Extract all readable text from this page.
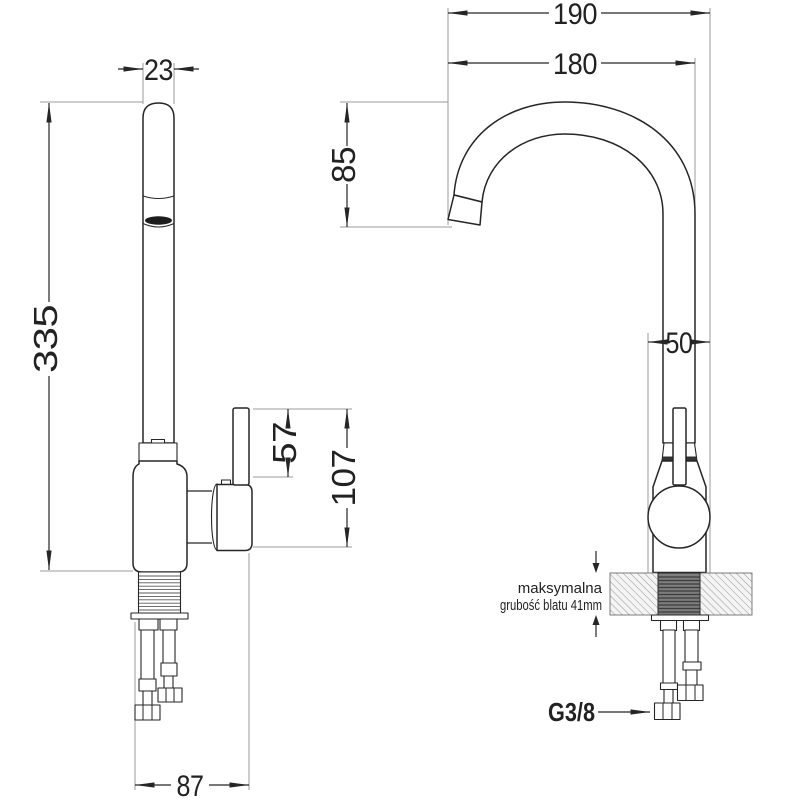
190
180
23
85
335
57
107
50
87
maksymalna
grubość blatu 41mm
G3/8
